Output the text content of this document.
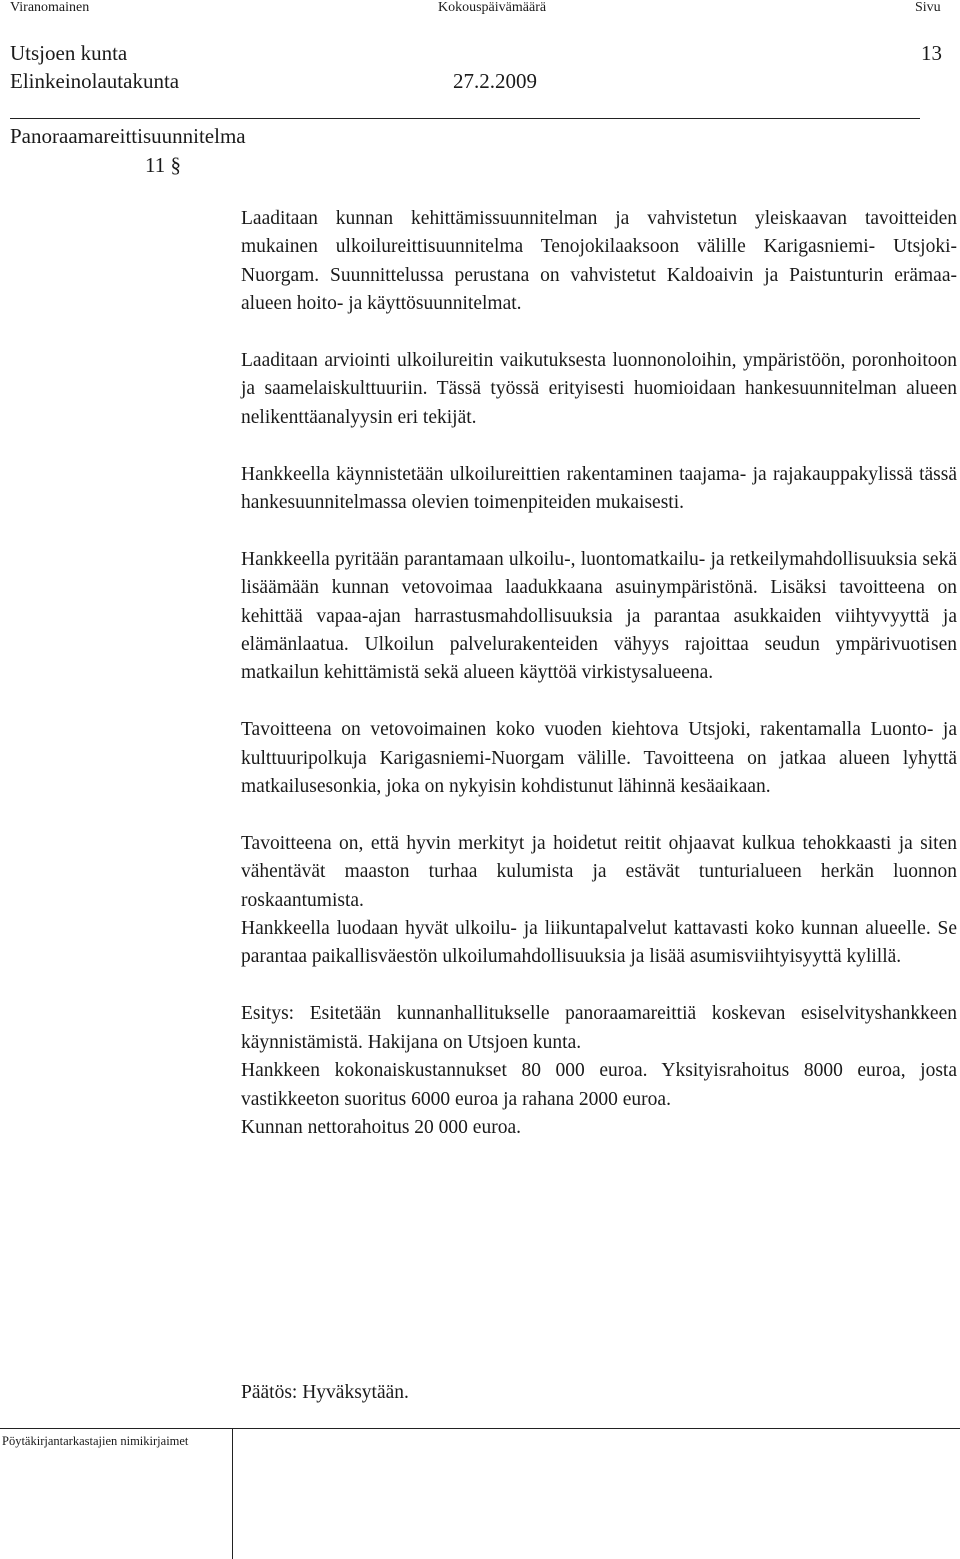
Viranomainen	Kokouspäivämäärä	Sivu
Utsjoen kunta	13
Elinkeinolautakunta	27.2.2009
Panoraamareittisuunnitelma
11 §

Laaditaan kunnan kehittämissuunnitelman ja vahvistetun yleiskaavan tavoitteiden mukainen ulkoilureittisuunnitelma Tenojokilaaksoon välille Karigasniemi- Utsjoki- Nuorgam. Suunnittelussa perustana on vahvistetut Kaldoaivin ja Paistunturin erämaa-alueen hoito- ja käyttösuunnitelmat.

Laaditaan arviointi ulkoilureitin vaikutuksesta luonnonoloihin, ympäristöön, poronhoitoon ja saamelaiskulttuuriin. Tässä työssä erityisesti huomioidaan hankesuunnitelman alueen nelikenttäanalyysin eri tekijät.

Hankkeella käynnistetään ulkoilureittien rakentaminen taajama- ja rajakauppakylissä tässä hankesuunnitelmassa olevien toimenpiteiden mukaisesti.

Hankkeella pyritään parantamaan ulkoilu-, luontomatkailu- ja retkeilymahdollisuuksia sekä lisäämään kunnan vetovoimaa laadukkaana asuinympäristönä. Lisäksi tavoitteena on kehittää vapaa-ajan harrastusmahdollisuuksia ja parantaa asukkaiden viihtyvyyttä ja elämänlaatua. Ulkoilun palvelurakenteiden vähyys rajoittaa seudun ympärivuotisen matkailun kehittämistä sekä alueen käyttöä virkistysalueena.

Tavoitteena on vetovoimainen koko vuoden kiehtova Utsjoki, rakentamalla Luonto- ja kulttuuripolkuja Karigasniemi-Nuorgam välille. Tavoitteena on jatkaa alueen lyhyttä matkailusesonkia, joka on nykyisin kohdistunut lähinnä kesäaikaan.

Tavoitteena on, että hyvin merkityt ja hoidetut reitit ohjaavat kulkua tehokkaasti ja siten vähentävät maaston turhaa kulumista ja estävät tunturialueen herkän luonnon roskaantumista.

Hankkeella luodaan hyvät ulkoilu- ja liikuntapalvelut kattavasti koko kunnan alueelle. Se parantaa paikallisväestön ulkoilumahdollisuuksia ja lisää asumisviihtyisyyttä kylillä.

Esitys: Esitetään kunnanhallitukselle panoraamareittiä koskevan esiselvityshankkeen käynnistämistä. Hakijana on Utsjoen kunta.

Hankkeen kokonaiskustannukset 80 000 euroa. Yksityisrahoitus 8000 euroa, josta vastikkeeton suoritus 6000 euroa ja rahana 2000 euroa.

Kunnan nettorahoitus 20 000 euroa.

Päätös: Hyväksytään.
Pöytäkirjantarkastajien nimikirjaimet
